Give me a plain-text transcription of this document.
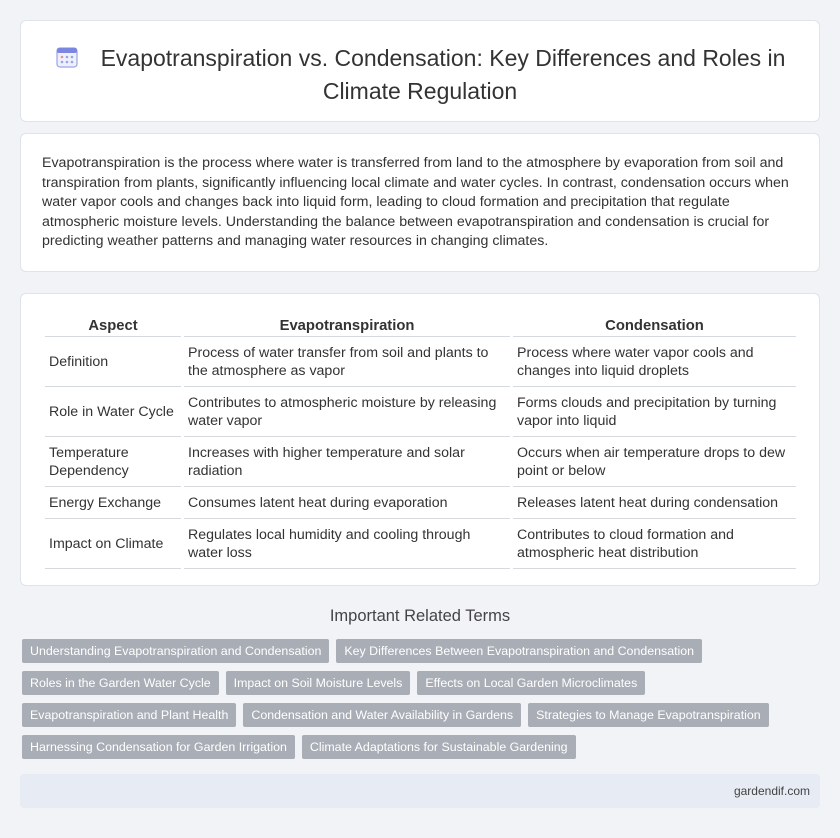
Evapotranspiration vs. Condensation: Key Differences and Roles in Climate Regulation

Evapotranspiration is the process where water is transferred from land to the atmosphere by evaporation from soil and transpiration from plants, significantly influencing local climate and water cycles. In contrast, condensation occurs when water vapor cools and changes back into liquid form, leading to cloud formation and precipitation that regulate atmospheric moisture levels. Understanding the balance between evapotranspiration and condensation is crucial for predicting weather patterns and managing water resources in changing climates.

Aspect	Evapotranspiration	Condensation
Definition	Process of water transfer from soil and plants to the atmosphere as vapor	Process where water vapor cools and changes into liquid droplets
Role in Water Cycle	Contributes to atmospheric moisture by releasing water vapor	Forms clouds and precipitation by turning vapor into liquid
Temperature Dependency	Increases with higher temperature and solar radiation	Occurs when air temperature drops to dew point or below
Energy Exchange	Consumes latent heat during evaporation	Releases latent heat during condensation
Impact on Climate	Regulates local humidity and cooling through water loss	Contributes to cloud formation and atmospheric heat distribution
Important Related Terms
Understanding Evapotranspiration and Condensation	Key Differences Between Evapotranspiration and Condensation
Roles in the Garden Water Cycle	Impact on Soil Moisture Levels	Effects on Local Garden Microclimates
Evapotranspiration and Plant Health	Condensation and Water Availability in Gardens	Strategies to Manage Evapotranspiration
Harnessing Condensation for Garden Irrigation	Climate Adaptations for Sustainable Gardening
gardendif.com
